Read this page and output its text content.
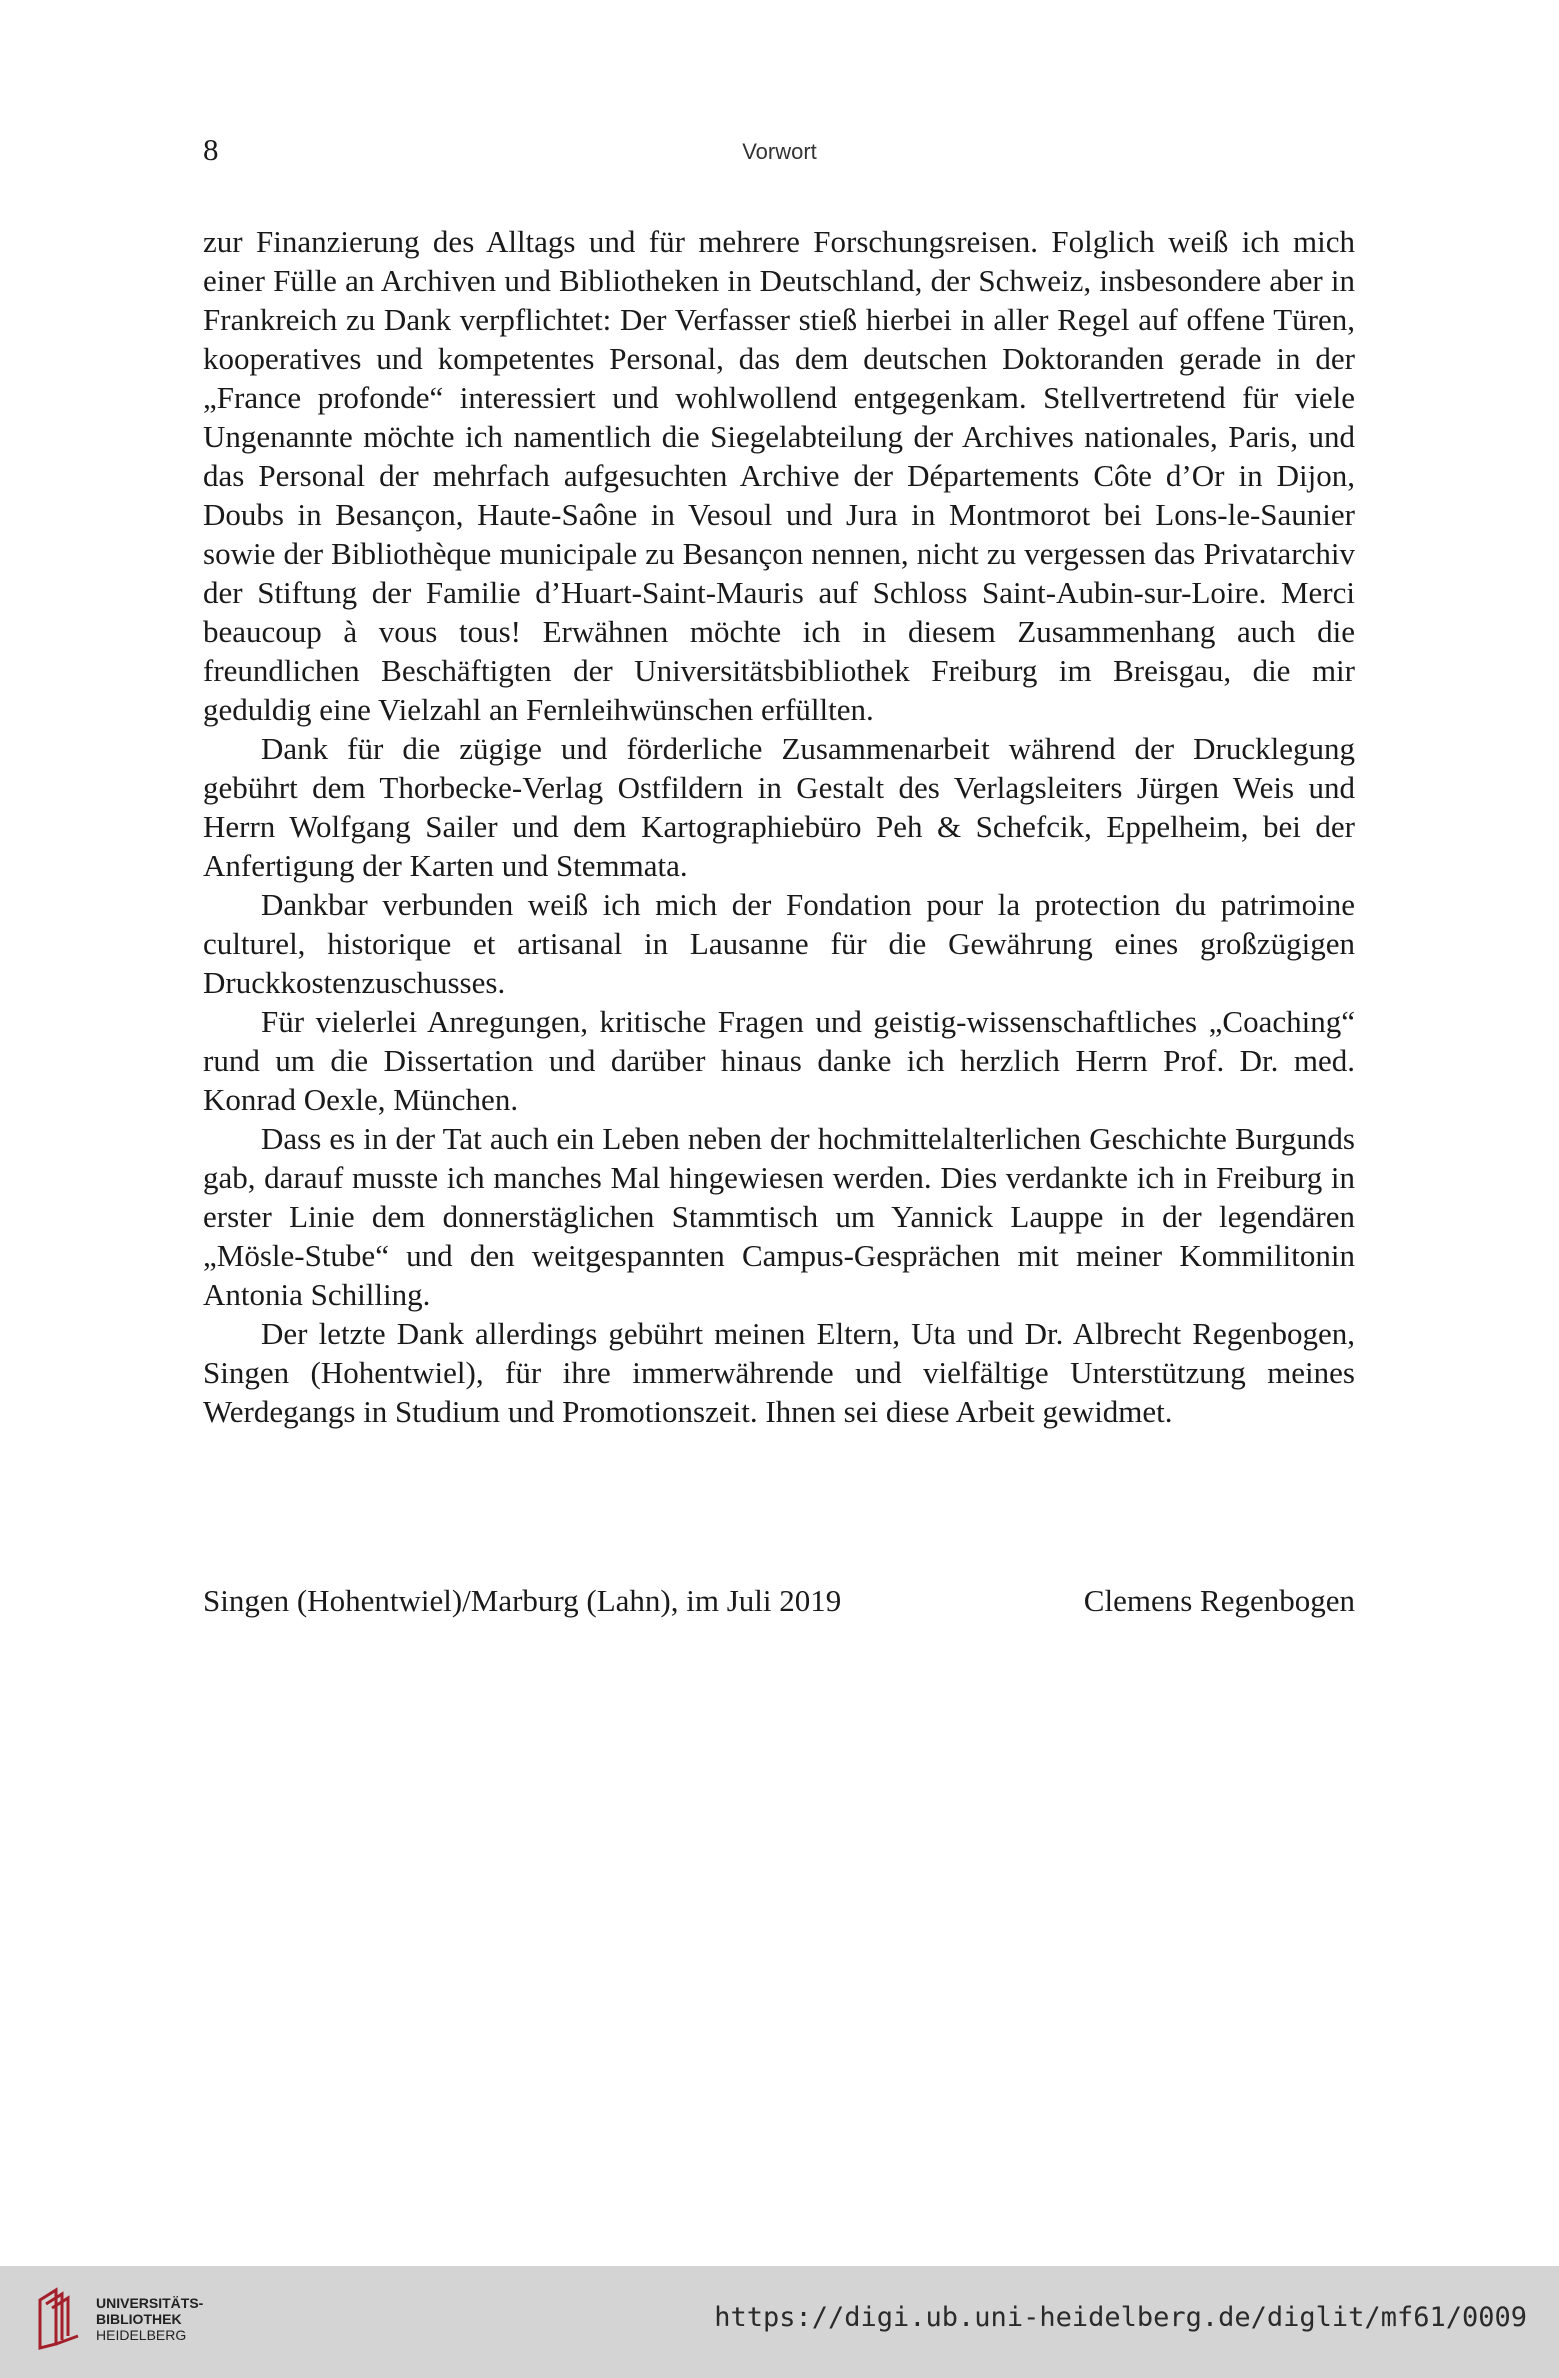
8	Vorwort

zur Finanzierung des Alltags und für mehrere Forschungsreisen. Folglich weiß ich mich einer Fülle an Archiven und Bibliotheken in Deutschland, der Schweiz, insbesondere aber in Frankreich zu Dank verpflichtet: Der Verfasser stieß hierbei in aller Regel auf offene Türen, kooperatives und kompetentes Personal, das dem deutschen Doktoranden gerade in der „France profonde“ interessiert und wohlwollend entgegenkam. Stellvertretend für viele Ungenannte möchte ich namentlich die Siegelabteilung der Archives nationales, Paris, und das Personal der mehrfach aufgesuchten Archive der Départements Côte d’Or in Dijon, Doubs in Besançon, Haute-Saône in Vesoul und Jura in Montmorot bei Lons-le-Saunier sowie der Bibliothèque municipale zu Besançon nennen, nicht zu vergessen das Privatarchiv der Stiftung der Familie d’Huart-Saint-Mauris auf Schloss Saint-Aubin-sur-Loire. Merci beaucoup à vous tous! Erwähnen möchte ich in diesem Zusammenhang auch die freundlichen Beschäftigten der Universitätsbibliothek Freiburg im Breisgau, die mir geduldig eine Vielzahl an Fernleihwünschen erfüllten.

Dank für die zügige und förderliche Zusammenarbeit während der Drucklegung gebührt dem Thorbecke-Verlag Ostfildern in Gestalt des Verlagsleiters Jürgen Weis und Herrn Wolfgang Sailer und dem Kartographiebüro Peh & Schefcik, Eppelheim, bei der Anfertigung der Karten und Stemmata.

Dankbar verbunden weiß ich mich der Fondation pour la protection du patrimoine culturel, historique et artisanal in Lausanne für die Gewährung eines großzügigen Druckkostenzuschusses.

Für vielerlei Anregungen, kritische Fragen und geistig-wissenschaftliches „Coaching“ rund um die Dissertation und darüber hinaus danke ich herzlich Herrn Prof. Dr. med. Konrad Oexle, München.

Dass es in der Tat auch ein Leben neben der hochmittelalterlichen Geschichte Burgunds gab, darauf musste ich manches Mal hingewiesen werden. Dies verdankte ich in Freiburg in erster Linie dem donnerstäglichen Stammtisch um Yannick Lauppe in der legendären „Mösle-Stube“ und den weitgespannten Campus-Gesprächen mit meiner Kommilitonin Antonia Schilling.

Der letzte Dank allerdings gebührt meinen Eltern, Uta und Dr. Albrecht Regenbogen, Singen (Hohentwiel), für ihre immerwährende und vielfältige Unterstützung meines Werdegangs in Studium und Promotionszeit. Ihnen sei diese Arbeit gewidmet.

Singen (Hohentwiel)/Marburg (Lahn), im Juli 2019	Clemens Regenbogen
UNIVERSITÄTS-
BIBLIOTHEK
HEIDELBERG
https://digi.ub.uni-heidelberg.de/diglit/mf61/0009
